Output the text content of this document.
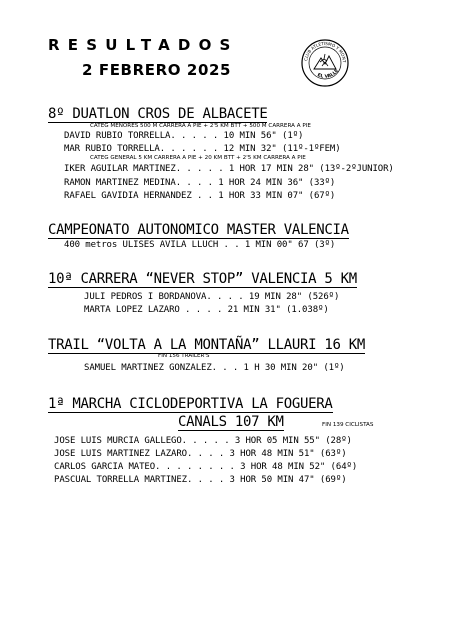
RESULTADOS
2 FEBRERO 2025
CLUB ATLETISMO Y MONT
EL VALLE
8º DUATLON CROS DE ALBACETE
CATEG MENORES 500 M CARRERA A PIE + 2'5 KM BTT + 500 M CARRERA A PIE
DAVID RUBIO TORRELLA. . . . . 10 MIN 56" (1º)
MAR RUBIO TORRELLA. . . . . . 12 MIN 32" (11º-1ºFEM)
CATEG GENERAL 5 KM CARRERA A PIE + 20 KM BTT + 2'5 KM CARRERA A PIE
IKER AGUILAR MARTINEZ. . . . . 1 HOR 17 MIN 28" (13º-2ºJUNIOR)
RAMON MARTINEZ MEDINA. . . . 1 HOR 24 MIN 36" (33º)
RAFAEL GAVIDIA HERNANDEZ . . 1 HOR 33 MIN 07" (67º)
CAMPEONATO AUTONOMICO MASTER VALENCIA
400 metros ULISES AVILA LLUCH . . 1 MIN 00" 67 (3º)
10ª CARRERA “NEVER STOP” VALENCIA 5 KM
JULI PEDROS I BORDANOVA. . . . 19 MIN 28" (526º)
MARTA LOPEZ LAZARO . . . . 21 MIN 31" (1.038º)
TRAIL “VOLTA A LA MONTAÑA” LLAURI 16 KM
FIN 156 TRAILER'S
SAMUEL MARTINEZ GONZALEZ. . . 1 H 30 MIN 20" (1º)
1ª MARCHA CICLODEPORTIVA LA FOGUERA
CANALS 107 KM	FIN 139 CICLISTAS
JOSE LUIS MURCIA GALLEGO. . . . . 3 HOR 05 MIN 55" (28º)
JOSE LUIS MARTINEZ LAZARO. . . . 3 HOR 48 MIN 51" (63º)
CARLOS GARCIA MATEO. . . . . . . . 3 HOR 48 MIN 52" (64º)
PASCUAL TORRELLA MARTINEZ. . . . 3 HOR 50 MIN 47" (69º)
